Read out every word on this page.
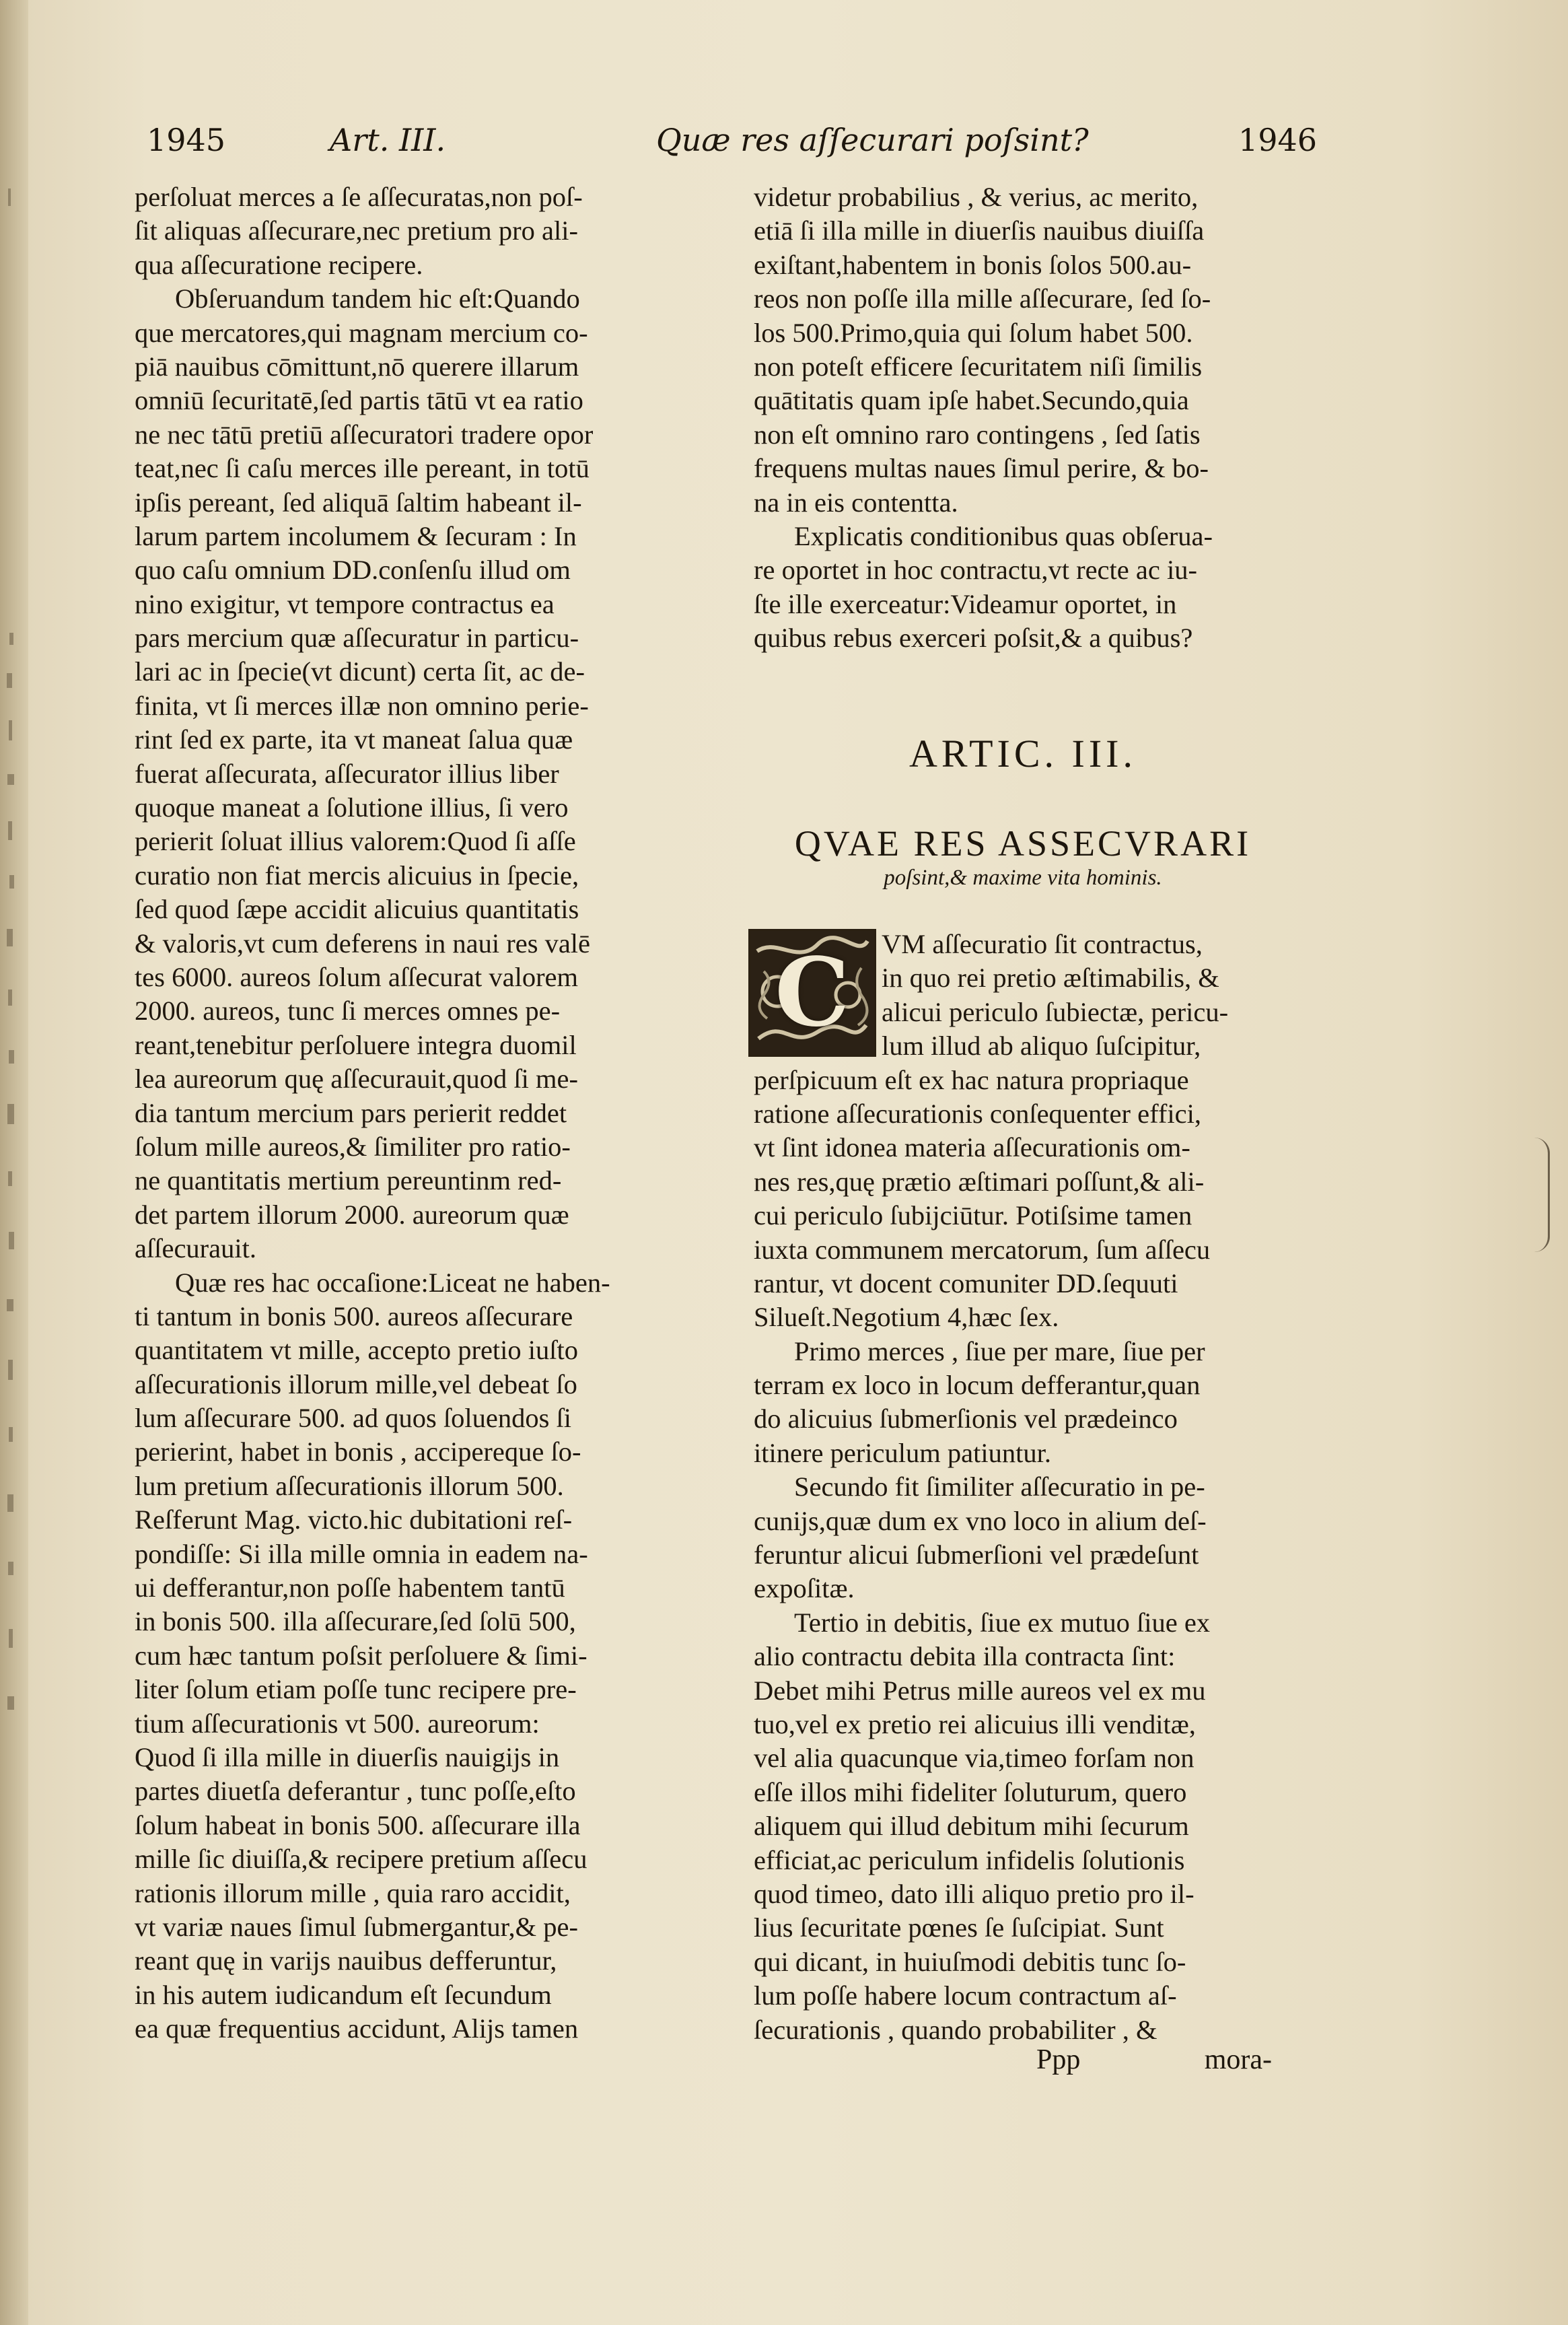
1945	Art. III.	Quæ res aſſecurari poſsint?	1946
perſoluat merces a ſe aſſecuratas,non poſ-
ſit aliquas aſſecurare,nec pretium pro ali-
qua aſſecuratione recipere.
Obſeruandum tandem hic eſt:Quando
que mercatores,qui magnam mercium co-
piā nauibus cōmittunt,nō querere illarum
omniū ſecuritatē,ſed partis tātū vt ea ratio
ne nec tātū pretiū aſſecuratori tradere opor
teat,nec ſi caſu merces ille pereant, in totū
ipſis pereant, ſed aliquā ſaltim habeant il-
larum partem incolumem & ſecuram : In
quo caſu omnium DD.conſenſu illud om
nino exigitur, vt tempore contractus ea
pars mercium quæ aſſecuratur in particu-
lari ac in ſpecie(vt dicunt) certa ſit, ac de-
finita, vt ſi merces illæ non omnino perie-
rint ſed ex parte, ita vt maneat ſalua quæ
fuerat aſſecurata, aſſecurator illius liber
quoque maneat a ſolutione illius, ſi vero
perierit ſoluat illius valorem:Quod ſi aſſe
curatio non fiat mercis alicuius in ſpecie,
ſed quod ſæpe accidit alicuius quantitatis
& valoris,vt cum deferens in naui res valē
tes 6000. aureos ſolum aſſecurat valorem
2000. aureos, tunc ſi merces omnes pe-
reant,tenebitur perſoluere integra duomil
lea aureorum quę aſſecurauit,quod ſi me-
dia tantum mercium pars perierit reddet
ſolum mille aureos,& ſimiliter pro ratio-
ne quantitatis mertium pereuntinm red-
det partem illorum 2000. aureorum quæ
aſſecurauit.
Quæ res hac occaſione:Liceat ne haben-
ti tantum in bonis 500. aureos aſſecurare
quantitatem vt mille, accepto pretio iuſto
aſſecurationis illorum mille,vel debeat ſo
lum aſſecurare 500. ad quos ſoluendos ſi
perierint, habet in bonis , accipereque ſo-
lum pretium aſſecurationis illorum 500.
Reſferunt Mag. victo.hic dubitationi reſ-
pondiſſe: Si illa mille omnia in eadem na-
ui defferantur,non poſſe habentem tantū
in bonis 500. illa aſſecurare,ſed ſolū 500,
cum hæc tantum poſsit perſoluere & ſimi-
liter ſolum etiam poſſe tunc recipere pre-
tium aſſecurationis vt 500. aureorum:
Quod ſi illa mille in diuerſis nauigijs in
partes diuetſa deferantur , tunc poſſe,eſto
ſolum habeat in bonis 500. aſſecurare illa
mille ſic diuiſſa,& recipere pretium aſſecu
rationis illorum mille , quia raro accidit,
vt variæ naues ſimul ſubmergantur,& pe-
reant quę in varijs nauibus defferuntur,
in his autem iudicandum eſt ſecundum
ea quæ frequentius accidunt, Alijs tamen
videtur probabilius , & verius, ac merito,
etiā ſi illa mille in diuerſis nauibus diuiſſa
exiſtant,habentem in bonis ſolos 500.au-
reos non poſſe illa mille aſſecurare, ſed ſo-
los 500.Primo,quia qui ſolum habet 500.
non poteſt efficere ſecuritatem niſi ſimilis
quātitatis quam ipſe habet.Secundo,quia
non eſt omnino raro contingens , ſed ſatis
frequens multas naues ſimul perire, & bo-
na in eis contentta.
Explicatis conditionibus quas obſerua-
re oportet in hoc contractu,vt recte ac iu-
ſte ille exerceatur:Videamur oportet, in
quibus rebus exerceri poſsit,& a quibus?
ARTIC. III.
QVAE RES ASSECVRARI
poſsint,& maxime vita hominis.
C	VM aſſecuratio ſit contractus,
in quo rei pretio æſtimabilis, &
alicui periculo ſubiectæ, pericu-
lum illud ab aliquo ſuſcipitur,
perſpicuum eſt ex hac natura propriaque
ratione aſſecurationis conſequenter effici,
vt ſint idonea materia aſſecurationis om-
nes res,quę prætio æſtimari poſſunt,& ali-
cui periculo ſubijciūtur. Potiſsime tamen
iuxta communem mercatorum, ſum aſſecu
rantur, vt docent comuniter DD.ſequuti
Silueſt.Negotium 4,hæc ſex.
Primo merces , ſiue per mare, ſiue per
terram ex loco in locum defferantur,quan
do alicuius ſubmerſionis vel prædeinco
itinere periculum patiuntur.
Secundo fit ſimiliter aſſecuratio in pe-
cunijs,quæ dum ex vno loco in alium deſ-
feruntur alicui ſubmerſioni vel prædeſunt
expoſitæ.
Tertio in debitis, ſiue ex mutuo ſiue ex
alio contractu debita illa contracta ſint:
Debet mihi Petrus mille aureos vel ex mu
tuo,vel ex pretio rei alicuius illi venditæ,
vel alia quacunque via,timeo forſam non
eſſe illos mihi fideliter ſoluturum, quero
aliquem qui illud debitum mihi ſecurum
efficiat,ac periculum infidelis ſolutionis
quod timeo, dato illi aliquo pretio pro il-
lius ſecuritate pœnes ſe ſuſcipiat. Sunt
qui dicant, in huiuſmodi debitis tunc ſo-
lum poſſe habere locum contractum aſ-
ſecurationis , quando probabiliter , &
Ppp	mora-
